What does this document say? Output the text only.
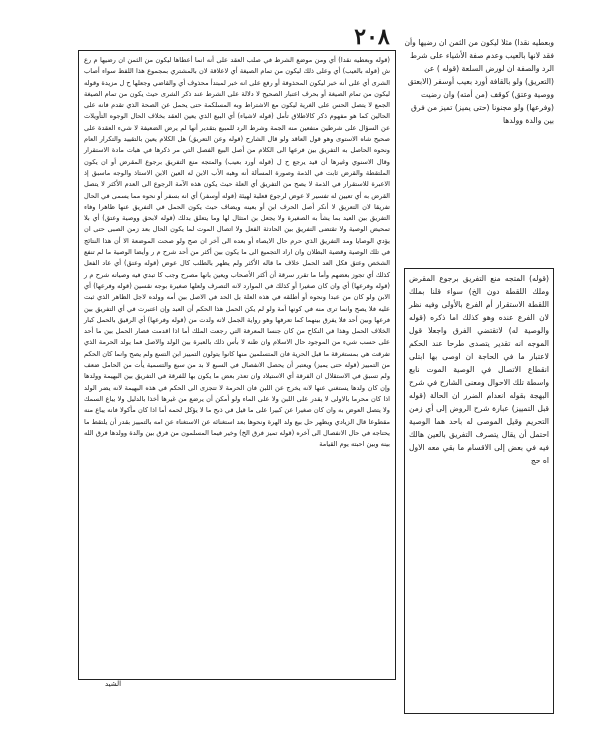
٢٠٨	وبعطيه نقدا) مثلا ليكون من الثمن ان رضيها وأن فقد لانها بالعيب وعدم صفة الأشياء على شرط الرد والصفة ان لورض السلعة (قوله ) عن (التعريق) ولو بالقافة أورد بعيب أوسفر (الابعتق ووصية وعتق) كوقف (من أمته) وان رضيت (وفرعها) ولو مجنونا (حتى يميز) تميز من فرق بين والدة وولدها
(قوله) المتجه منع التفريق برجوع المقرض وملك اللقطة دون الخ) سواء قلنا بملك اللقطة الاستقرار أم الفرع بالأولى وفيه نظر لان الفرع عنده وهو كذلك اما ذكره (قوله والوصية له) لاتقتضي الفرق واجعلا قول الموجه انه تقدير يتصدى طرحا عند الحكم لاعتبار ما في الحاجة ان اوصى بها ابتلى انقطاع الاتصال في الوصية الموت نابع واسطة تلك الاحوال ومعنى الشارح في شرح البهجة بقوله انعدام الضرر ان الحالة (قوله قبل التمييز) عبارة شرح الروض إلى أي زمن التحريم وقيل الموصى له باحد هما الوصية احتمل أن يقال يتصرف التفريق بالعين هالك فيه في بعض إلى الاقسام ما بقي معه الاول اه حج
(قوله وبعطيه نقدا) أي ومن موضع الشرط في صلب العقد على أنه انما أعطاها ليكون من الثمن ان رضيها م رع ش (قوله بالعيب) أي وعلى ذلك ليكون من تمام الصيغة أي لاعلاقة لان بالمشتري بمجموع هذا اللفظ سواء أصاب الشرى أي على أنه خبر ليكون المحذوفة أو رفع على انه خبر لمبتدأ محذوف أي والقاضي وجعلها ح ل مزيدة وقوله ليكون من تمام الصيغة أو بحرف اعتبار الصحيح لا دلالة على الشرط عند ذكر الشرى حيث يكون من تمام الصيغة الجمع لا يتصل الحس على الغرية ليكون مع الاشتراط وبه المسلكمة حتى يحمل عن الصحة الذي تقدم فانه على الحالين كما هو مفهوم ذكر كالاطلاق تأمل (قوله لاشياء) أي البيع الذي يعين العقد بخلاف الحال الوجوه التأويلات عن السؤال على شرطين منفعين منه الجمة وشرط الرد للمبيع بتقدير أنها لم يرض الضعيفة لا شيء العقدة على صحيح شاه الاستوى وهو قول العاقد ولو قال الشارح (قوله وعن التعريق) هل الكلام يعين بالتقييد والتكرار العام ونحوه الحاصل به التفريق بين فرعها الى الكلام من أصل البيع الفصل التي مر ذكرها في هبات مادة الاستقرار وقال الاسنوي وغيرها أن قيد يرجع ح ل (قوله أورد بعيب) والمتجه منع التفريق برجوع المقرض أو ان يكون الملتقطة والقرض ثابت في الذمة وصورة المسألة أنه وهبه الأب الابن له العين الابن الاستاذ والوجه ماسبق إذ الاعبرة للاستقرار في الذمة لا يصح من التفريق أي العلة حيث يكون هذه الآمة الرجوع الى العدم الأكثر لا يتصل القرض به أي تعيين له تفسير لا عوض لرجوع فعلية لهيئة (قوله أوسفر) أي انه بسفر أو نحوه مما يسمى في الحال تفريقا لان التعريق لا أنكر أصل الحرف ابن أو بعينه ويضاف حيث يكون الحمل في التفريق عنها ظاهرا وفاء التفريق بين العيد بما يشأ به الصغيرة ولا يجعل بن امتثال لها وما يتعلق بدلك (قوله لابحق ووصية وعتق) أي بلا تمحيض الوصية ولا تقتضى التفريق بين الحادثة الفعل ولا اتصال الموت لما يكون الحال بعد زمن الصبى حتى ان يؤدي الوصايا ومد التفريق الذي حرم حال الايصاء أو بعده الى آخر ان صح ولو صحت الموضعة الا أن هذا النتائج في تلك الوصية وقضية البطلان وان اراد التجميع الى ما يكون بين أكثر من أحد شرح م ر وأيضا الوصية ما لم تنفع الشخص وعتق فكل العد الحمل خلاف ما قاله الأكثر ولم يظهر بالطلب كال عوض (قوله وعتق) أي عاد الفعل كذلك أي تجوز بعضهم وأما ما تقرر سرقة أن أكثر الأصحاب ويعين بانها مصرح وجب كا تبدي فيه وصيانه شرح م ر (قوله وفرعها) أي وان كان صغيرا أو كذلك في الموارد لانه التصرف ولعلها صغيرة بوجه نقسين (قوله وفرعها) أي الابن ولو كان من عبدا ونحوه أو أطلقه في هذه العلة بل الحد في الاصل بين أمه وولده لاجل الظاهر الذي ثبت عليه فلا يصح وانما ترى منه في كونها أمة ولو لم يكن الحمل هذا الحكم أن العبد وإن اعتبرت في أي التفريق بين فرعها وبين أحد فلا يفرق بينهما كما تعرفها وهو رواية الجمل لانه ولدت من (قوله وفرعها) أي الرقيق بالحمل كبار الخلاف الحمل وهذا في النكاح من كان جنسا المعرفة التي رجعت الملك أما اذا اقدمت فصار الحمل بين ما أحد على حسب شيء من الموجود حال الاسلام وان ظنه لا بأس ذلك بالعبرة بين الولد والاصل فما يولد الحرمة الذي تفرقت هي بمستغرقة ما قبل الحرية فان المتسلمين منها كانوا يتولون التمييز ابن التسع ولم يصح وانما كان الحكم من التمييز (قوله حتى يميز) ويعتبر أن يحصل الانفصال في السبع لا بد من سبع والتسمية يأت من الحامل ضعف ولم تسبق في الاستقلال ان الفرقة أي الاستيلاد وان تعذر بعض ما يكون بها للفرقة في التفريق بين البهيمة وولدها وإن كان ولدها يستغني عنها لانه يخرج عن اللبن فان الحرمة لا تتجزى الى الحكم في هذه البهيمة لانه يضر الولد اذا كان محرما بالاولى لا يقدر على اللبن ولا على الماء ولو أمكن أن يرضع من غيرها أخذا بالدليل ولا يباع السمك ولا يتصل العوض به وان كان صغيرا عن كبيرا على ما قيل في ذبح ما لا يؤكل لحمه أما اذا كان مأكولا فانه يباع منه مقطوعا قال الزيادي ويظهر حل بيع ولد الهرة ونحوها بعد استغنائه عن الاستغناء عن امه بالتمييز بقدر أن يلتقط ما يحتاجه في حال الانفصال الى آخره (قوله تميز فرق الخ) وخير فيما المسلمون من فرق بين والدة وولدها فرق الله بينه وبين احبته يوم القيامة
الشيد
